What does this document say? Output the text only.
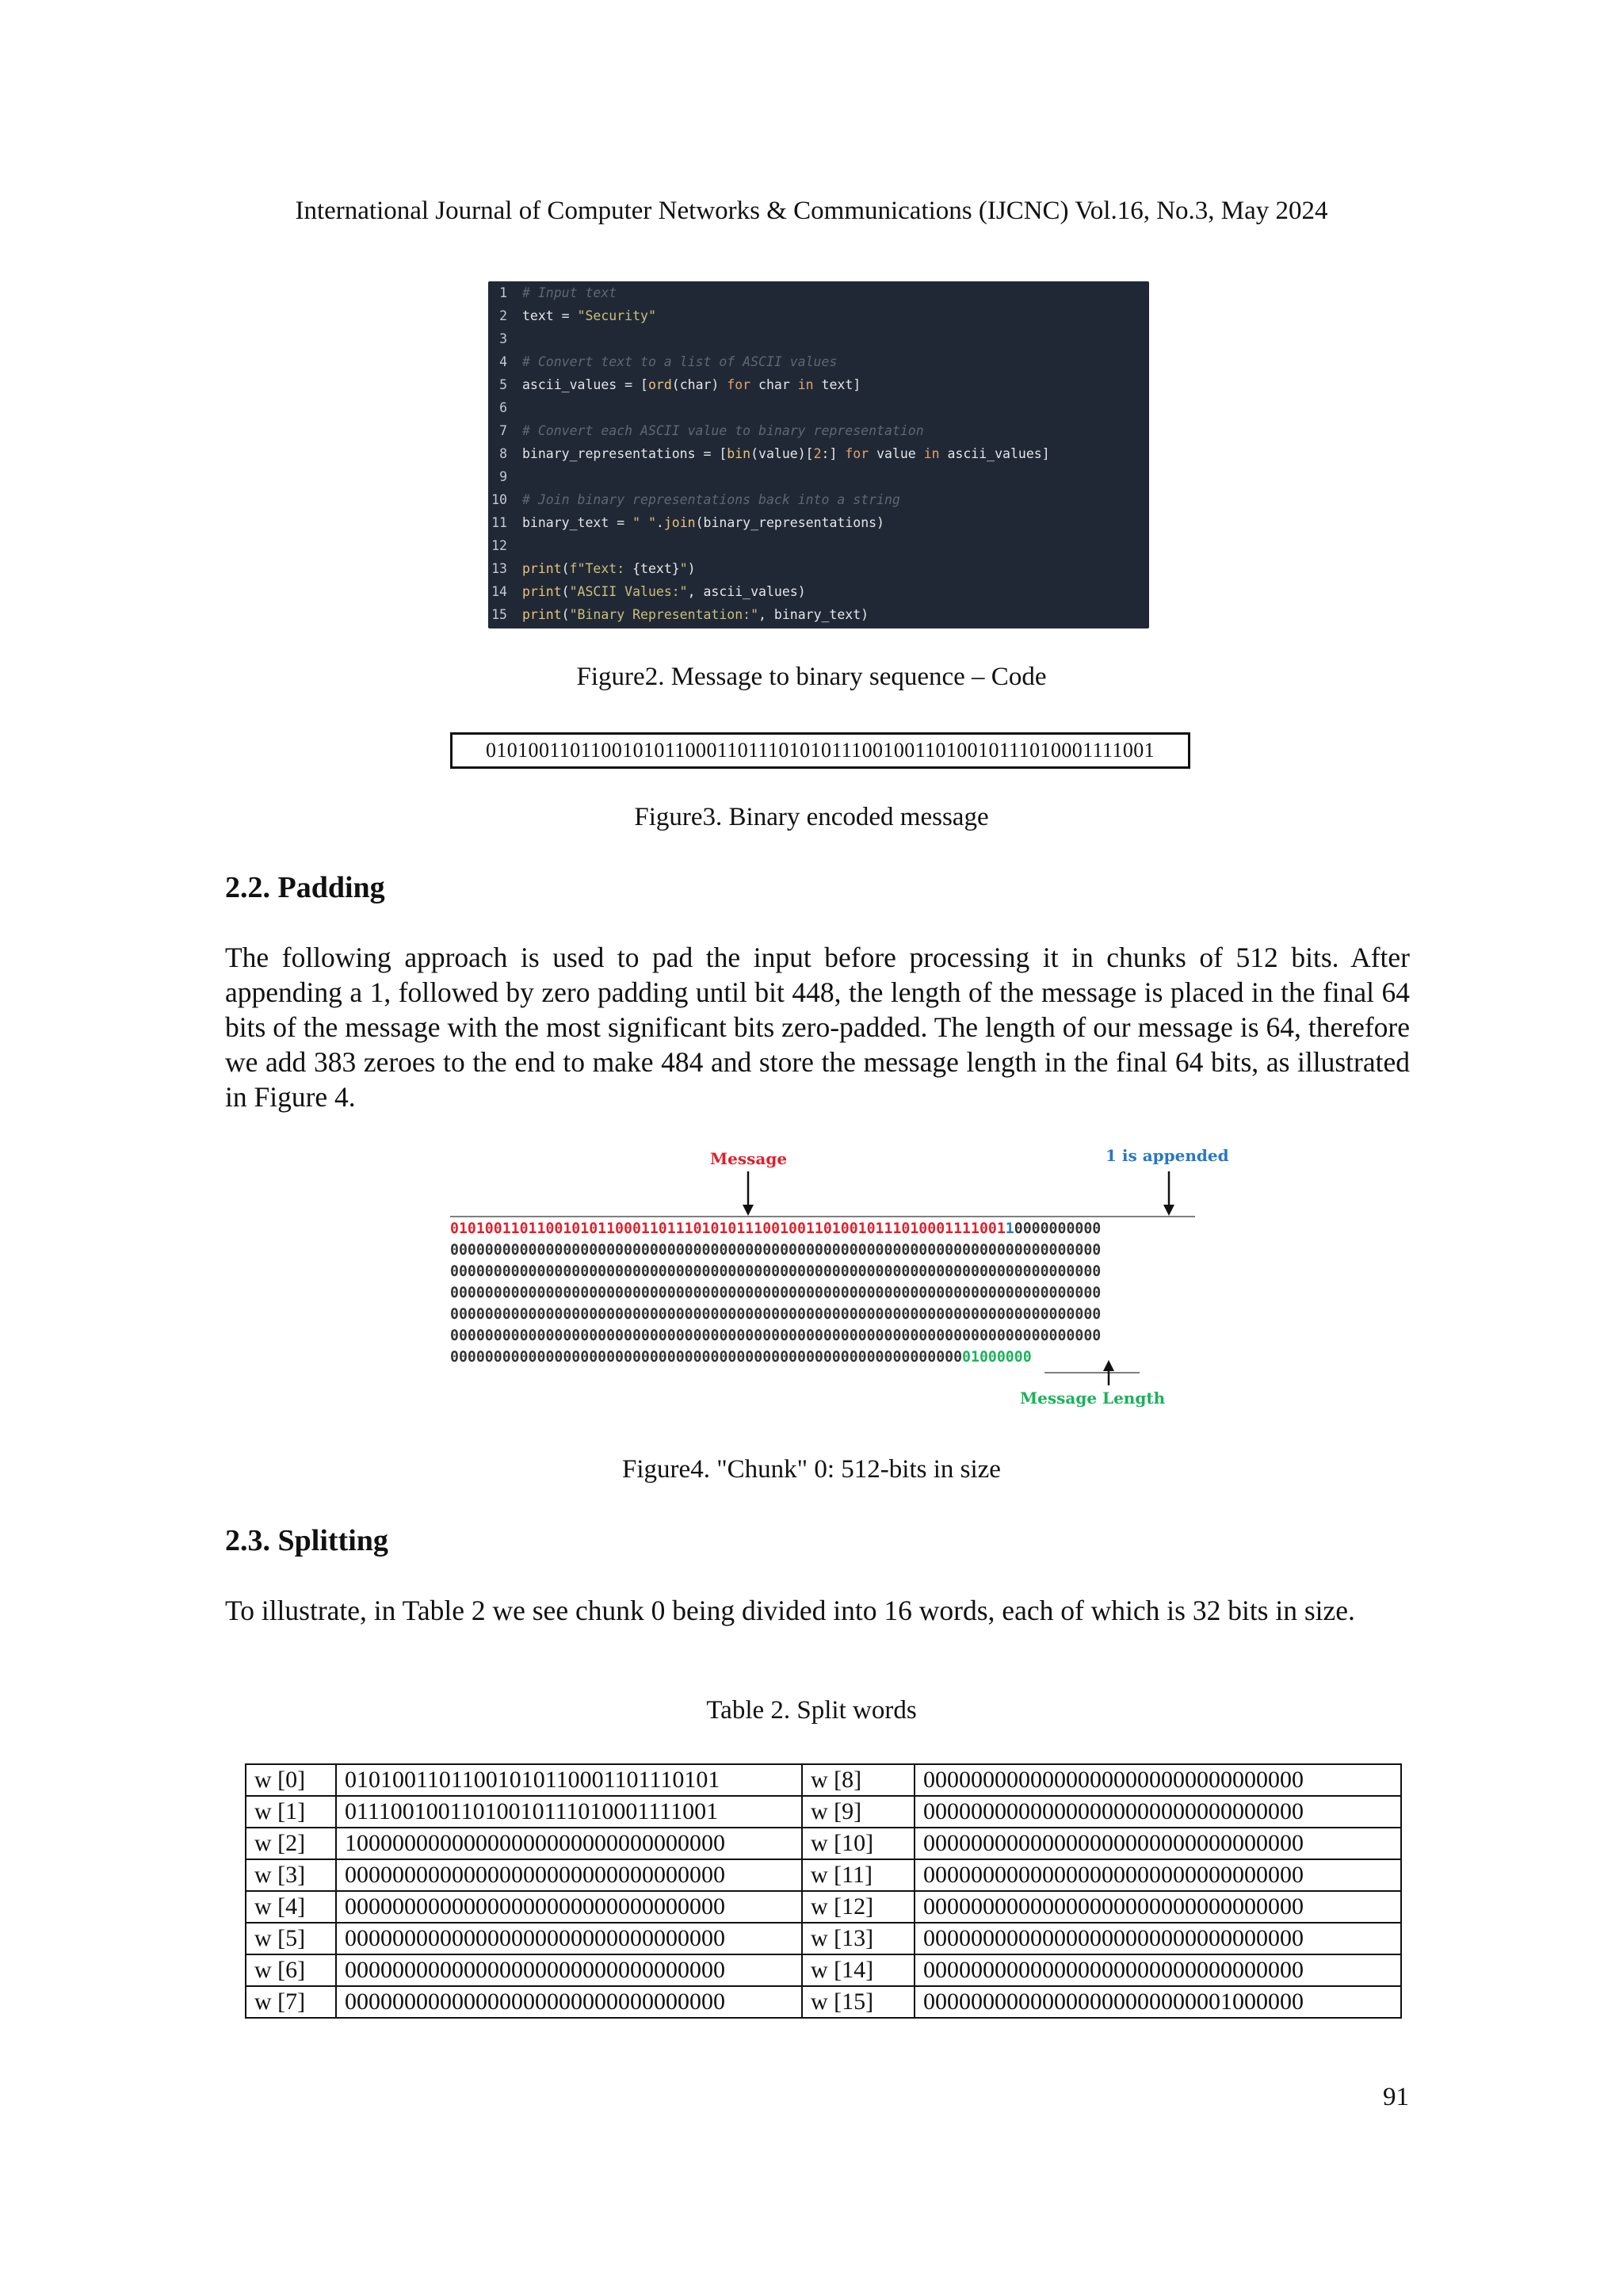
International Journal of Computer Networks & Communications (IJCNC) Vol.16, No.3, May 2024
1 # Input text
2 text = "Security"
3
4 # Convert text to a list of ASCII values
5 ascii_values = [ord(char) for char in text]
6
7 # Convert each ASCII value to binary representation
8 binary_representations = [bin(value)[2:] for value in ascii_values]
9
10 # Join binary representations back into a string
11 binary_text = " ".join(binary_representations)
12
13 print(f"Text: {text}")
14 print("ASCII Values:", ascii_values)
15 print("Binary Representation:", binary_text)
Figure2. Message to binary sequence – Code
0101001101100101011000110111010101110010011010010111010001111001
Figure3. Binary encoded message
2.2. Padding
The following approach is used to pad the input before processing it in chunks of 512 bits. After appending a 1, followed by zero padding until bit 448, the length of the message is placed in the final 64 bits of the message with the most significant bits zero-padded. The length of our message is 64, therefore we add 383 zeroes to the end to make 484 and store the message length in the final 64 bits, as illustrated in Figure 4.
Message	1 is appended
010100110110010101100011011101010111001001101001011101000111100110000000000
000000000000000000000000000000000000000000000000000000000000000000000000000
000000000000000000000000000000000000000000000000000000000000000000000000000
000000000000000000000000000000000000000000000000000000000000000000000000000
000000000000000000000000000000000000000000000000000000000000000000000000000
000000000000000000000000000000000000000000000000000000000000000000000000000
0000000000000000000000000000000000000000000000000000000000001000000
Message Length
Figure4. "Chunk" 0: 512-bits in size
2.3. Splitting
To illustrate, in Table 2 we see chunk 0 being divided into 16 words, each of which is 32 bits in size.
Table 2. Split words
w [0]	01010011011001010110001101110101	w [8]	00000000000000000000000000000000
w [1]	01110010011010010111010001111001	w [9]	00000000000000000000000000000000
w [2]	10000000000000000000000000000000	w [10]	00000000000000000000000000000000
w [3]	00000000000000000000000000000000	w [11]	00000000000000000000000000000000
w [4]	00000000000000000000000000000000	w [12]	00000000000000000000000000000000
w [5]	00000000000000000000000000000000	w [13]	00000000000000000000000000000000
w [6]	00000000000000000000000000000000	w [14]	00000000000000000000000000000000
w [7]	00000000000000000000000000000000	w [15]	00000000000000000000000001000000
91
